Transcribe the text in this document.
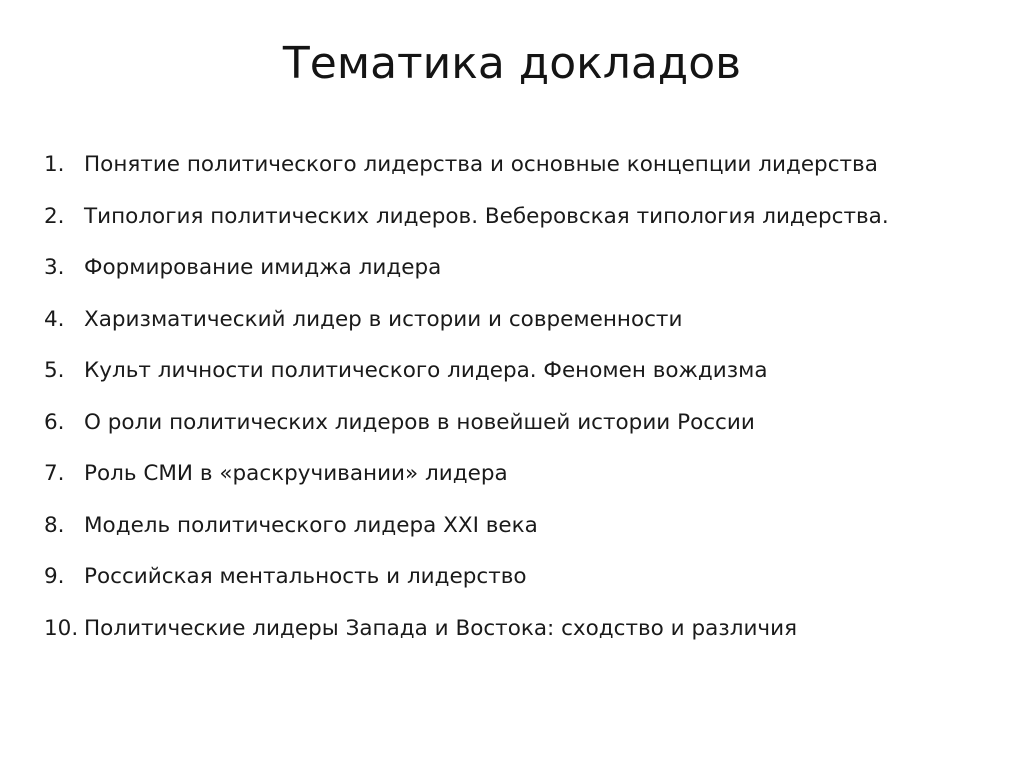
Тематика докладов
1. Понятие политического лидерства и основные концепции лидерства
2. Типология политических лидеров. Веберовская типология лидерства.
3. Формирование имиджа лидера
4. Харизматический лидер в истории и современности
5. Культ личности политического лидера. Феномен вождизма
6. О роли политических лидеров в новейшей истории России
7. Роль СМИ в «раскручивании» лидера
8. Модель политического лидера XXI века
9. Российская ментальность и лидерство
10. Политические лидеры Запада и Востока: сходство и различия
